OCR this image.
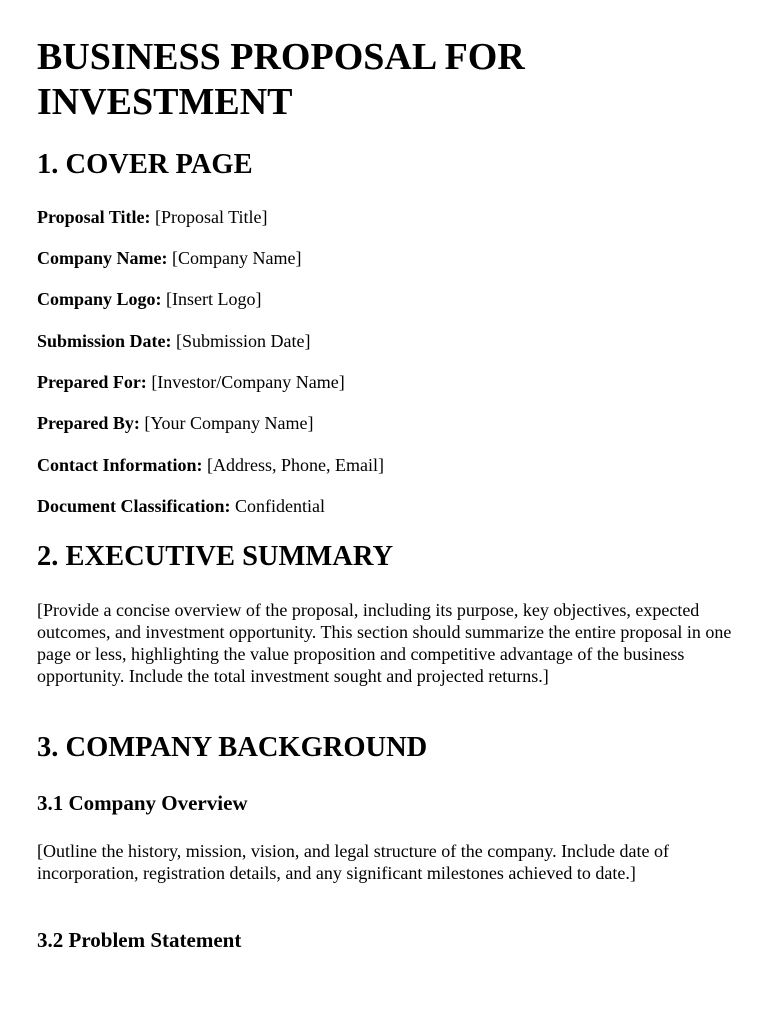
BUSINESS PROPOSAL FOR INVESTMENT
1. COVER PAGE
Proposal Title: [Proposal Title]
Company Name: [Company Name]
Company Logo: [Insert Logo]
Submission Date: [Submission Date]
Prepared For: [Investor/Company Name]
Prepared By: [Your Company Name]
Contact Information: [Address, Phone, Email]
Document Classification: Confidential
2. EXECUTIVE SUMMARY

[Provide a concise overview of the proposal, including its purpose, key objectives, expected outcomes, and investment opportunity. This section should summarize the entire proposal in one page or less, highlighting the value proposition and competitive advantage of the business opportunity. Include the total investment sought and projected returns.]

3. COMPANY BACKGROUND
3.1 Company Overview

[Outline the history, mission, vision, and legal structure of the company. Include date of incorporation, registration details, and any significant milestones achieved to date.]

3.2 Problem Statement
